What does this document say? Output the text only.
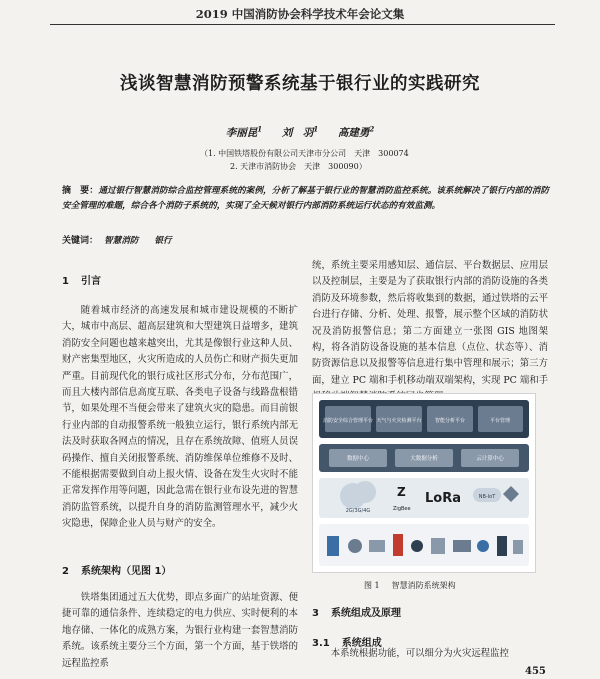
2019 中国消防协会科学技术年会论文集
浅谈智慧消防预警系统基于银行业的实践研究
李丽昆$^1$ 刘　羽$^1$ 高建勇$^2$
（1. 中国铁塔股份有限公司天津市分公司　天津　300074
2. 天津市消防协会　天津　300090）
摘　要：通过银行智慧消防综合监控管理系统的案例，分析了解基于银行业的智慧消防监控系统。该系统解决了银行内部的消防安全管理的难题，综合各个消防子系统的，实现了全天候对银行内部消防系统运行状态的有效监测。
关键词： 智慧消防 银行
1 引言

随着城市经济的高速发展和城市建设规模的不断扩大，城市中高层、超高层建筑和大型建筑日益增多，建筑消防安全问题也越来越突出，尤其是像银行业这种人员、财产密集型地区，火灾所造成的人员伤亡和财产损失更加严重。目前现代化的银行成社区形式分布，分布范围广，而且大楼内部信息高度互联、各类电子设备与线路盘根错节，如果处理不当便会带来了建筑火灾的隐患。而目前银行业内部的自动报警系统一般独立运行，银行系统内部无法及时获取各网点的情况，且存在系统故障、值班人员误码操作、擅自关闭报警系统、消防维保单位维修不及时、不能根据需要做到自动上报火情、设备在发生火灾时不能正常发挥作用等问题，因此急需在银行业布设先进的智慧消防监管系统，以提升自身的消防监测管理水平，减少火灾隐患，保障企业人员与财产的安全。

2 系统架构（见图 1）

铁塔集团通过五大优势，即点多面广的站址资源、便捷可靠的通信条件、连续稳定的电力供应、实时便利的本地存储、一体化的成熟方案，为银行业构建一套智慧消防系统。该系统主要分三个方面，第一个方面，基于铁塔的远程监控系

统，系统主要采用感知层、通信层、平台数据层、应用层以及控制层，主要是为了获取银行内部的消防设施的各类消防及环境参数，然后将收集到的数据，通过铁塔的云平台进行存储、分析、处理、报警，展示整个区域的消防状况及消防报警信息；第二方面建立一张图 GIS 地图架构，将各消防设备设施的基本信息（点位、状态等）、消防资源信息以及报警等信息进行集中管理和展示；第三方面，建立 PC 端和手机移动端双端架构，实现 PC 端和手

消防安全综合管理平台 天气与火灾检测平台	智能分析平台	平台管理
数据中心	大数据分析	云计算中心
2G/3G/4G
Z
ZigBee
LoRa	NB-IoT
图 1 智慧消防系统架构
3 系统组成及原理
3.1 系统组成

本系统根据功能，可以细分为火灾远程监控

455
